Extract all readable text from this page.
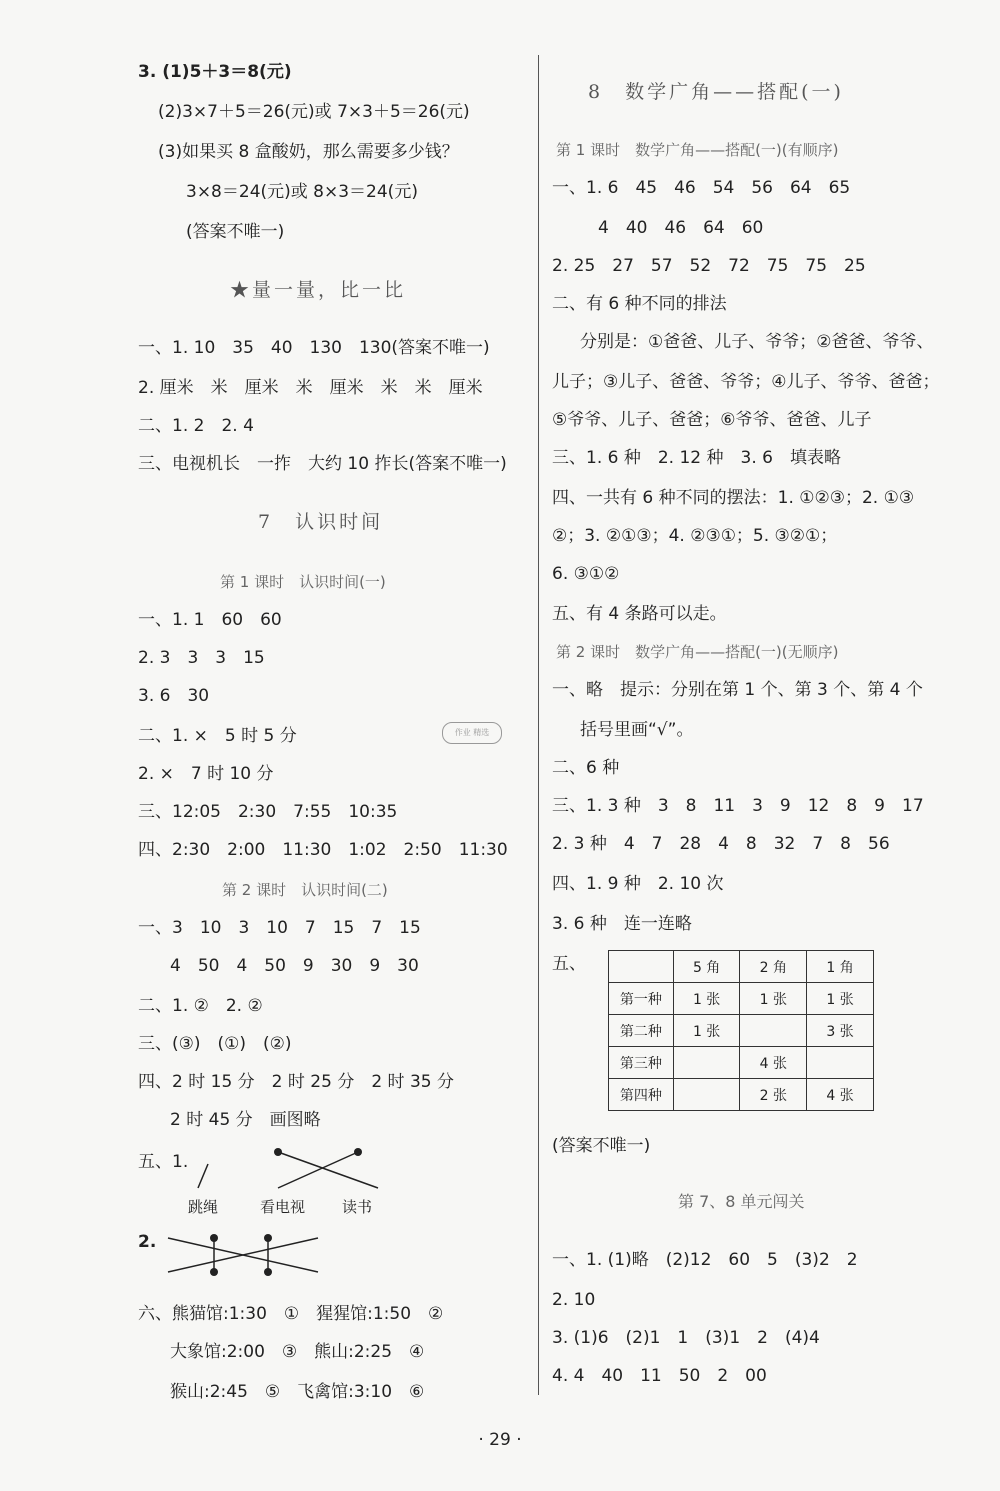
3. (1)5＋3＝8(元)
(2)3×7＋5＝26(元)或 7×3＋5＝26(元)
(3)如果买 8 盒酸奶，那么需要多少钱？
3×8＝24(元)或 8×3＝24(元)
(答案不唯一)
★量一量，比一比
一、1. 10　35　40　130　130(答案不唯一)
2. 厘米　米　厘米　米　厘米　米　米　厘米
二、1. 2　2. 4
三、电视机长　一拃　大约 10 拃长(答案不唯一)
7　认识时间
第 1 课时　认识时间(一)
一、1. 1　60　60
2. 3　3　3　15
3. 6　30
二、1. ×　5 时 5 分
2. ×　7 时 10 分
三、12:05　2:30　7:55　10:35
四、2:30　2:00　11:30　1:02　2:50　11:30
第 2 课时　认识时间(二)
一、3　10　3　10　7　15　7　15
4　50　4　50　9　30　9　30
二、1. ②　2. ②
三、(③)　(①)　(②)
四、2 时 15 分　2 时 25 分　2 时 35 分
2 时 45 分　画图略
五、1.
跳绳	看电视 读书
2.
六、熊猫馆:1:30　①　猩猩馆:1:50　②
大象馆:2:00　③　熊山:2:25　④
猴山:2:45　⑤　飞禽馆:3:10　⑥
作业 精选
8　数学广角——搭配(一)
第 1 课时　数学广角——搭配(一)(有顺序)
一、1. 6　45　46　54　56　64　65
4　40　46　64　60
2. 25　27　57　52　72　75　75　25
二、有 6 种不同的排法
分别是：①爸爸、儿子、爷爷；②爸爸、爷爷、
儿子；③儿子、爸爸、爷爷；④儿子、爷爷、爸爸；
⑤爷爷、儿子、爸爸；⑥爷爷、爸爸、儿子
三、1. 6 种　2. 12 种　3. 6　填表略
四、一共有 6 种不同的摆法：1. ①②③；2. ①③
②；3. ②①③；4. ②③①；5. ③②①；
6. ③①②
五、有 4 条路可以走。
第 2 课时　数学广角——搭配(一)(无顺序)
一、略　提示：分别在第 1 个、第 3 个、第 4 个
括号里画“√”。
二、6 种
三、1. 3 种　3　8　11　3　9　12　8　9　17
2. 3 种　4　7　28　4　8　32　7　8　56
四、1. 9 种　2. 10 次
3. 6 种　连一连略
五、
		5 角	2 角	1 角
第一种	1 张	1 张	1 张
第二种	1 张		3 张
第三种		4 张	
第四种		2 张	4 张
(答案不唯一)
第 7、8 单元闯关
一、1. (1)略　(2)12　60　5　(3)2　2
2. 10
3. (1)6　(2)1　1　(3)1　2　(4)4
4. 4　40　11　50　2　00
· 29 ·
